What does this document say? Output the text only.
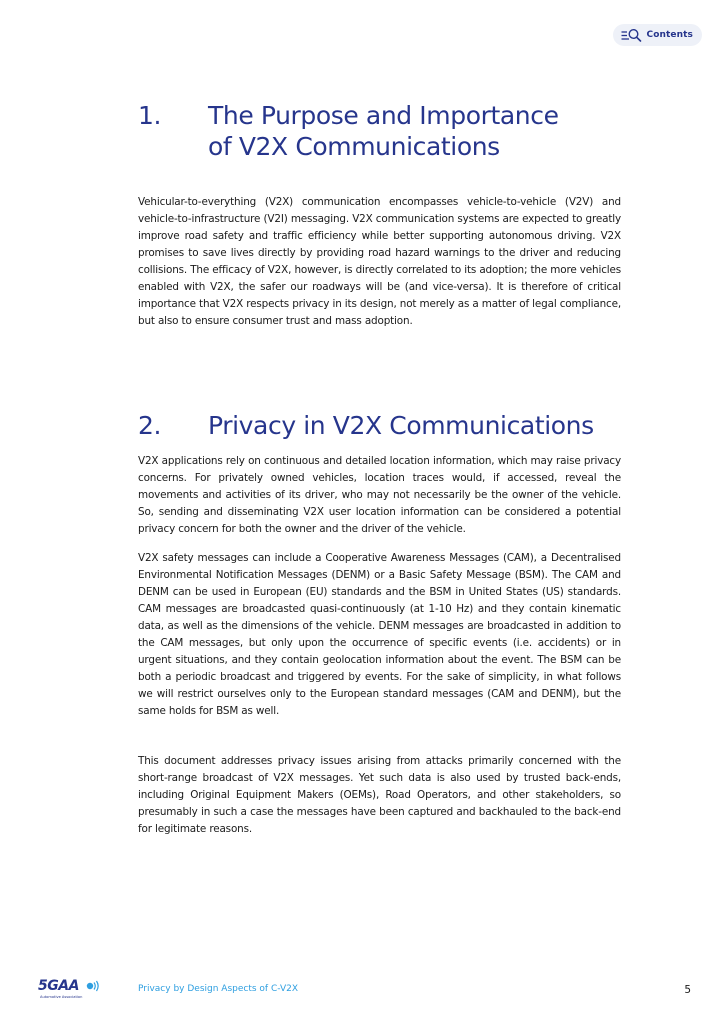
Contents
1. The Purpose and Importance
of V2X Communications

Vehicular-to-everything (V2X) communication encompasses vehicle-to-vehicle (V2V) and vehicle-to-infrastructure (V2I) messaging. V2X communication systems are expected to greatly improve road safety and traffic efficiency while better supporting autonomous driving. V2X promises to save lives directly by providing road hazard warnings to the driver and reducing collisions. The efficacy of V2X, however, is directly correlated to its adoption; the more vehicles enabled with V2X, the safer our roadways will be (and vice-versa). It is therefore of critical importance that V2X respects privacy in its design, not merely as a matter of legal compliance, but also to ensure consumer trust and mass adoption.

2. Privacy in V2X Communications

V2X applications rely on continuous and detailed location information, which may raise privacy concerns. For privately owned vehicles, location traces would, if accessed, reveal the movements and activities of its driver, who may not necessarily be the owner of the vehicle. So, sending and disseminating V2X user location information can be considered a potential privacy concern for both the owner and the driver of the vehicle.

V2X safety messages can include a Cooperative Awareness Messages (CAM), a Decentralised Environmental Notification Messages (DENM) or a Basic Safety Message (BSM). The CAM and DENM can be used in European (EU) standards and the BSM in United States (US) standards. CAM messages are broadcasted quasi-continuously (at 1-10 Hz) and they contain kinematic data, as well as the dimensions of the vehicle. DENM messages are broadcasted in addition to the CAM messages, but only upon the occurrence of specific events (i.e. accidents) or in urgent situations, and they contain geolocation information about the event. The BSM can be both a periodic broadcast and triggered by events. For the sake of simplicity, in what follows we will restrict ourselves only to the European standard messages (CAM and DENM), but the same holds for BSM as well.

This document addresses privacy issues arising from attacks primarily concerned with the short-range broadcast of V2X messages. Yet such data is also used by trusted back-ends, including Original Equipment Makers (OEMs), Road Operators, and other stakeholders, so presumably in such a case the messages have been captured and backhauled to the back-end for legitimate reasons.

5GAA
Automotive Association
Privacy by Design Aspects of C-V2X	5
